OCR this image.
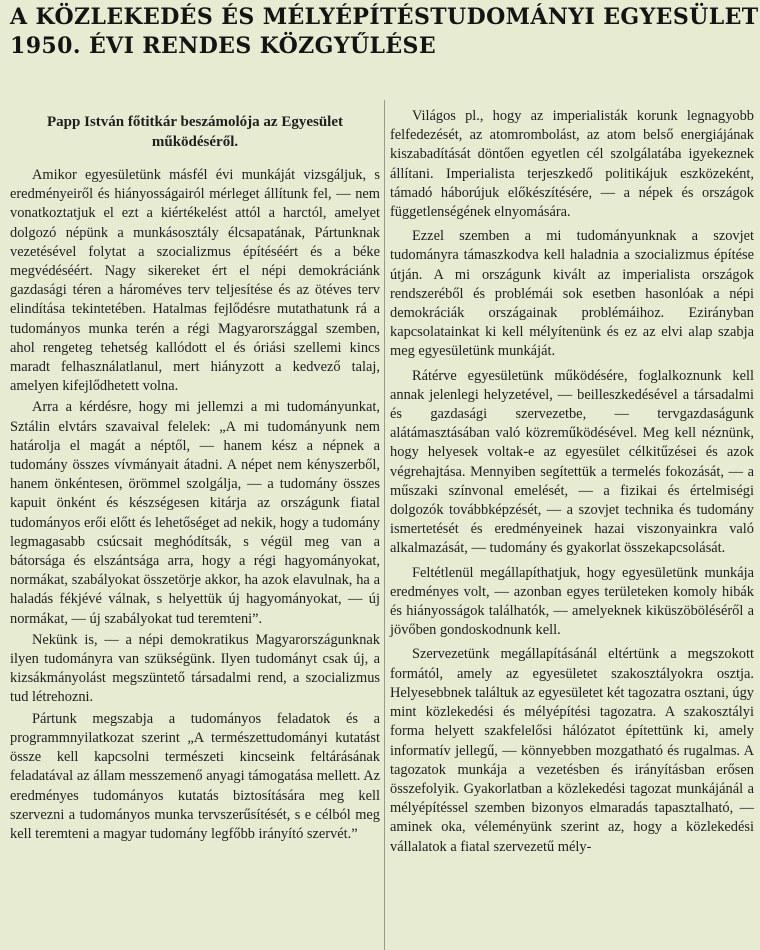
A KÖZLEKEDÉS ÉS MÉLYÉPÍTÉSTUDOMÁNYI EGYESÜLET
1950. ÉVI RENDES KÖZGYŰLÉSE

Papp István főtitkár beszámolója az Egyesület működéséről.

Amikor egyesületünk másfél évi munkáját vizsgáljuk, s eredményeiről és hiányosságairól mérleget állítunk fel, — nem vonatkoztatjuk el ezt a kiértékelést attól a harctól, amelyet dolgozó népünk a munkásosztály élcsapatának, Pártunknak vezetésével folytat a szocializmus építéséért és a béke megvédéséért. Nagy sikereket ért el népi demokráciánk gazdasági téren a hároméves terv teljesítése és az ötéves terv elindítása tekintetében. Hatalmas fejlődésre mutathatunk rá a tudományos munka terén a régi Magyarországgal szemben, ahol rengeteg tehetség kallódott el és óriási szellemi kincs maradt felhasználatlanul, mert hiányzott a kedvező talaj, amelyen kifejlődhetett volna.

Arra a kérdésre, hogy mi jellemzi a mi tudományunkat, Sztálin elvtárs szavaival felelek: „A mi tudományunk nem határolja el magát a néptől, — hanem kész a népnek a tudomány összes vívmányait átadni. A népet nem kényszerből, hanem önkéntesen, örömmel szolgálja, — a tudomány összes kapuit önként és készségesen kitárja az országunk fiatal tudományos erői előtt és lehetőséget ad nekik, hogy a tudomány legmagasabb csúcsait meghódítsák, s végül meg van a bátorsága és elszántsága arra, hogy a régi hagyományokat, normákat, szabályokat összetörje akkor, ha azok elavulnak, ha a haladás fékjévé válnak, s helyettük új hagyományokat, — új normákat, — új szabályokat tud teremteni”.

Nekünk is, — a népi demokratikus Magyarországunknak ilyen tudományra van szükségünk. Ilyen tudományt csak új, a kizsákmányolást megszüntető társadalmi rend, a szocializmus tud létrehozni.

Pártunk megszabja a tudományos feladatok és a programmnyilatkozat szerint „A természettudományi kutatást össze kell kapcsolni természeti kincseink feltárásának feladatával az állam messzemenő anyagi támogatása mellett. Az eredményes tudományos kutatás biztosítására meg kell szervezni a tudományos munka tervszerűsítését, s e célból meg kell teremteni a magyar tudomány legfőbb irányító szervét.”

Világos pl., hogy az imperialisták korunk legnagyobb felfedezését, az atomrombolást, az atom belső energiájának kiszabadítását döntően egyetlen cél szolgálatába igyekeznek állítani. Imperialista terjeszkedő politikájuk eszközeként, támadó háborújuk előkészítésére, — a népek és országok függetlenségének elnyomására.

Ezzel szemben a mi tudományunknak a szovjet tudományra támaszkodva kell haladnia a szocializmus építése útján. A mi országunk kivált az imperialista országok rendszeréből és problémái sok esetben hasonlóak a népi demokráciák országainak problémáihoz. Ezirányban kapcsolatainkat ki kell mélyítenünk és ez az elvi alap szabja meg egyesületünk munkáját.

Rátérve egyesületünk működésére, foglalkoznunk kell annak jelenlegi helyzetével, — beilleszkedésével a társadalmi és gazdasági szervezetbe, — tervgazdaságunk alátámasztásában való közreműködésével. Meg kell néznünk, hogy helyesek voltak-e az egyesület célkitűzései és azok végrehajtása. Mennyiben segítettük a termelés fokozását, — a műszaki színvonal emelését, — a fizikai és értelmiségi dolgozók továbbképzését, — a szovjet technika és tudomány ismertetését és eredményeinek hazai viszonyainkra való alkalmazását, — tudomány és gyakorlat összekapcsolását.

Feltétlenül megállapíthatjuk, hogy egyesületünk munkája eredményes volt, — azonban egyes területeken komoly hibák és hiányosságok találhatók, — amelyeknek kiküszöböléséről a jövőben gondoskodnunk kell.

Szervezetünk megállapításánál eltértünk a megszokott formától, amely az egyesületet szakosztályokra osztja. Helyesebbnek találtuk az egyesületet két tagozatra osztani, úgy mint közlekedési és mélyépítési tagozatra. A szakosztályi forma helyett szakfelelősi hálózatot építettünk ki, amely informatív jellegű, — könnyebben mozgatható és rugalmas. A tagozatok munkája a vezetésben és irányításban erősen összefolyik. Gyakorlatban a közlekedési tagozat munkájánál a mélyépítéssel szemben bizonyos elmaradás tapasztalható, — aminek oka, véleményünk szerint az, hogy a közlekedési vállalatok a fiatal szervezetű mély-
